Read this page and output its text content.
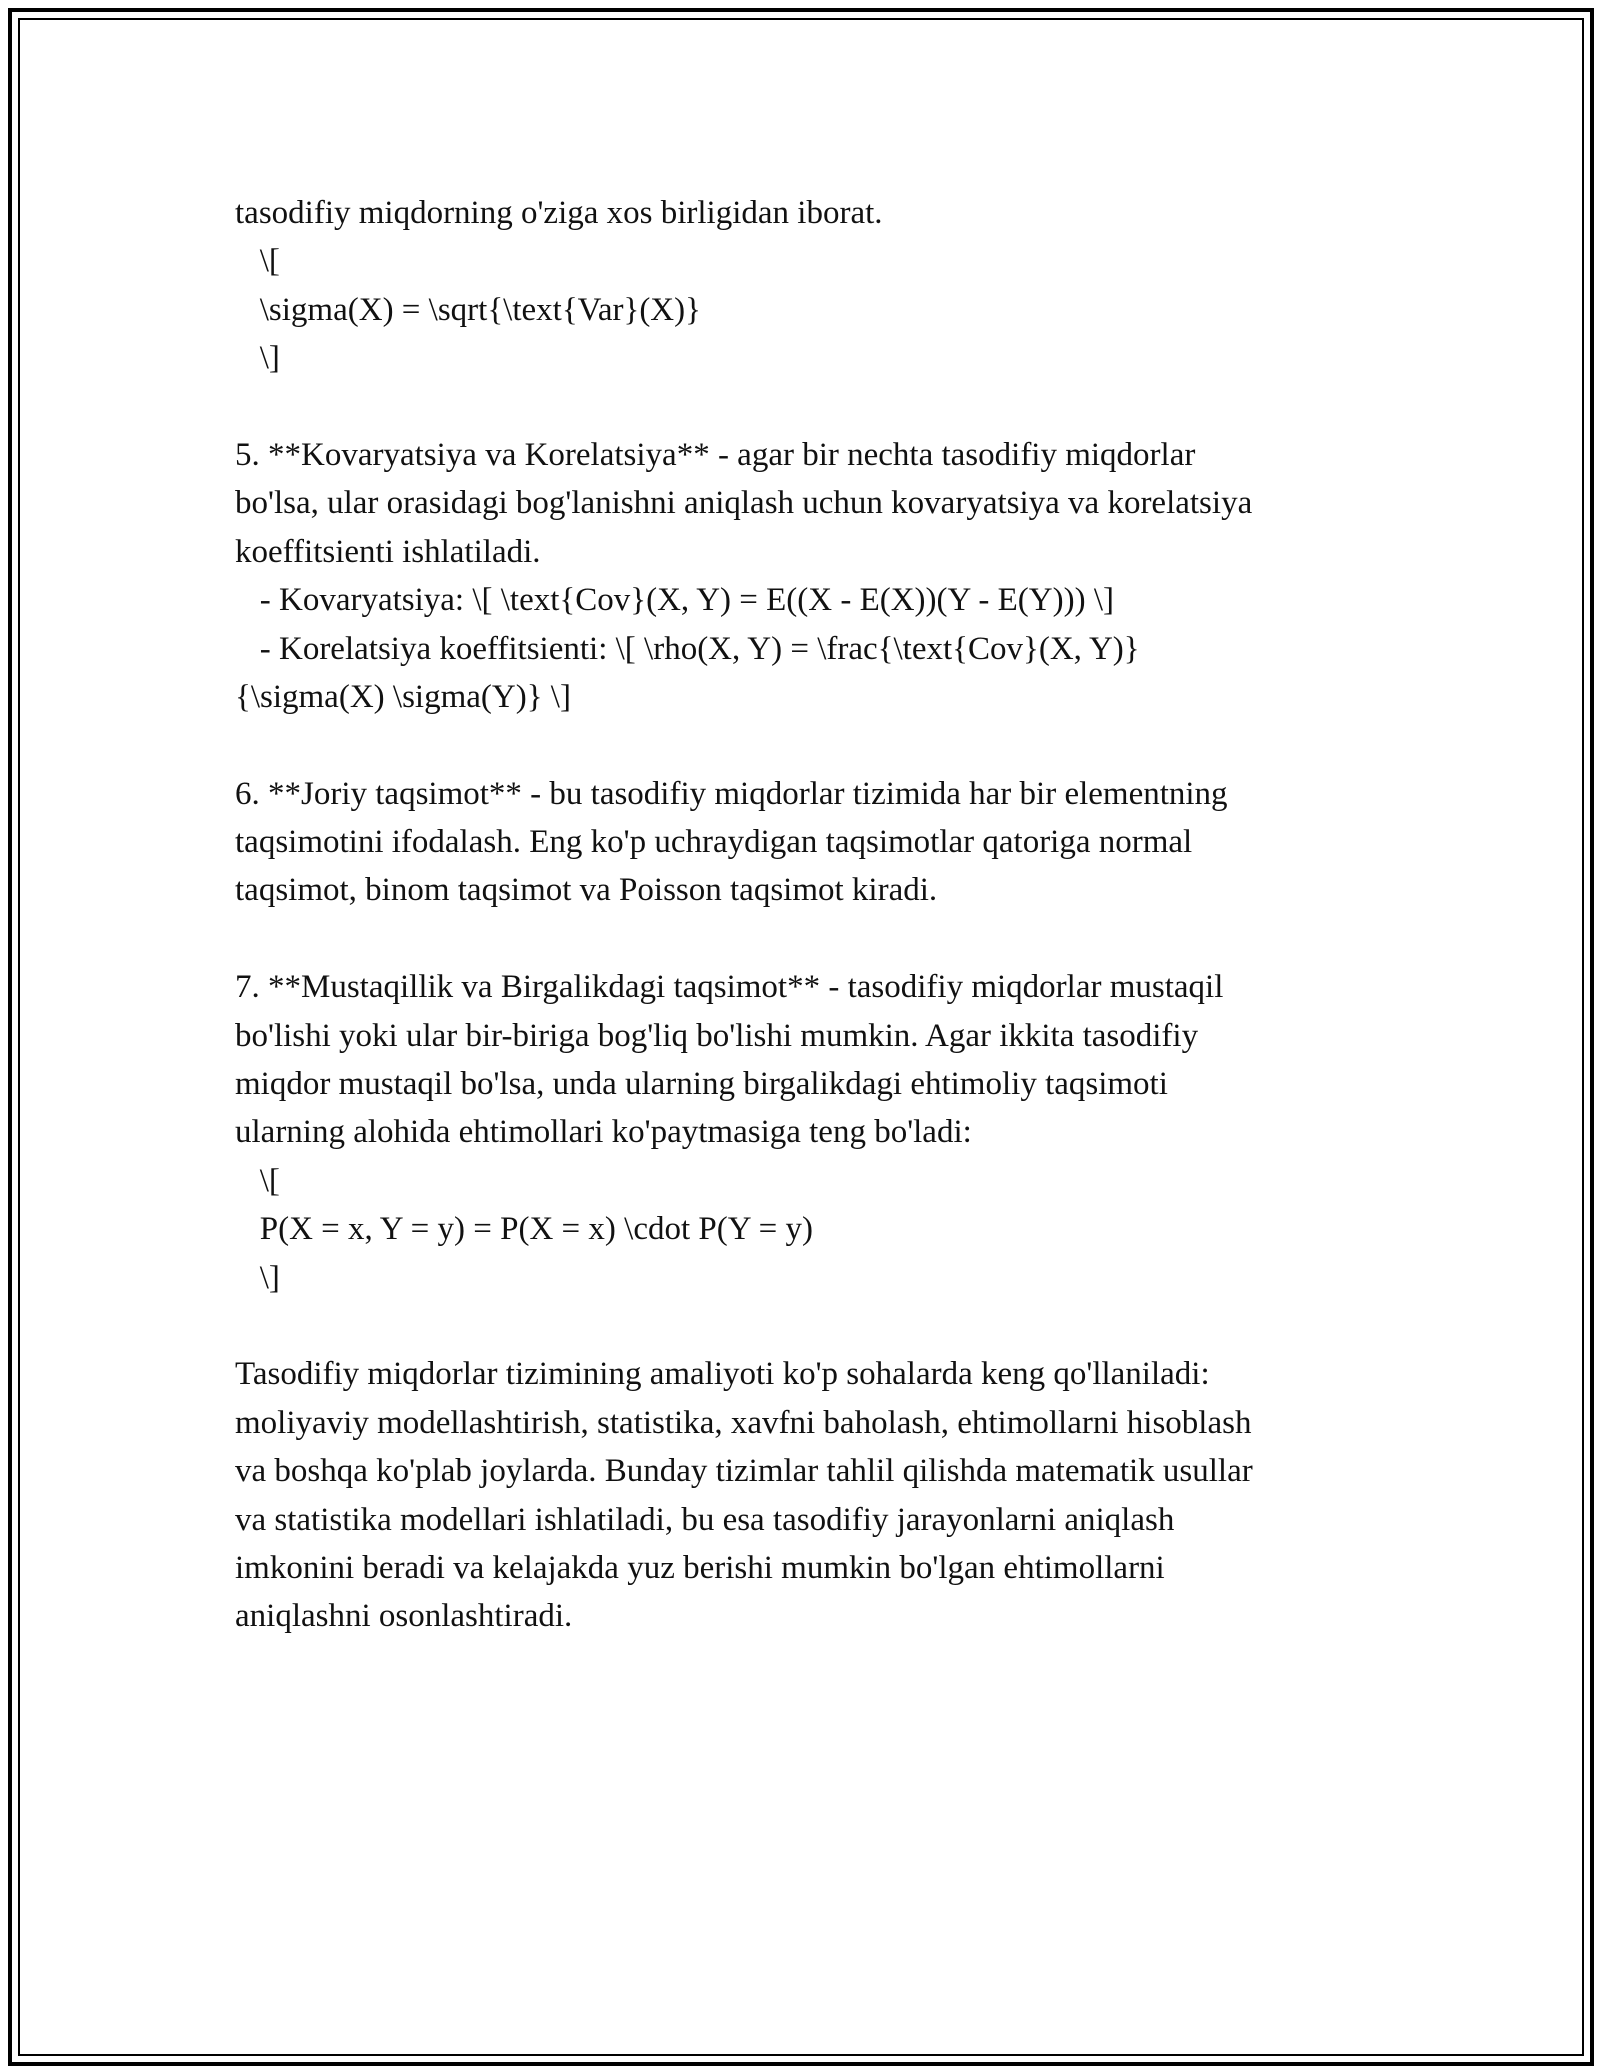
tasodifiy miqdorning o'ziga xos birligidan iborat.
\[
\sigma(X) = \sqrt{\text{Var}(X)}
\]
5. **Kovaryatsiya va Korelatsiya** - agar bir nechta tasodifiy miqdorlar
bo'lsa, ular orasidagi bog'lanishni aniqlash uchun kovaryatsiya va korelatsiya
koeffitsienti ishlatiladi.
- Kovaryatsiya: \[ \text{Cov}(X, Y) = E((X - E(X))(Y - E(Y))) \]
- Korelatsiya koeffitsienti: \[ \rho(X, Y) = \frac{\text{Cov}(X, Y)}
{\sigma(X) \sigma(Y)} \]
6. **Joriy taqsimot** - bu tasodifiy miqdorlar tizimida har bir elementning
taqsimotini ifodalash. Eng ko'p uchraydigan taqsimotlar qatoriga normal
taqsimot, binom taqsimot va Poisson taqsimot kiradi.
7. **Mustaqillik va Birgalikdagi taqsimot** - tasodifiy miqdorlar mustaqil
bo'lishi yoki ular bir-biriga bog'liq bo'lishi mumkin. Agar ikkita tasodifiy
miqdor mustaqil bo'lsa, unda ularning birgalikdagi ehtimoliy taqsimoti
ularning alohida ehtimollari ko'paytmasiga teng bo'ladi:
\[
P(X = x, Y = y) = P(X = x) \cdot P(Y = y)
\]
Tasodifiy miqdorlar tizimining amaliyoti ko'p sohalarda keng qo'llaniladi:
moliyaviy modellashtirish, statistika, xavfni baholash, ehtimollarni hisoblash
va boshqa ko'plab joylarda. Bunday tizimlar tahlil qilishda matematik usullar
va statistika modellari ishlatiladi, bu esa tasodifiy jarayonlarni aniqlash
imkonini beradi va kelajakda yuz berishi mumkin bo'lgan ehtimollarni
aniqlashni osonlashtiradi.
